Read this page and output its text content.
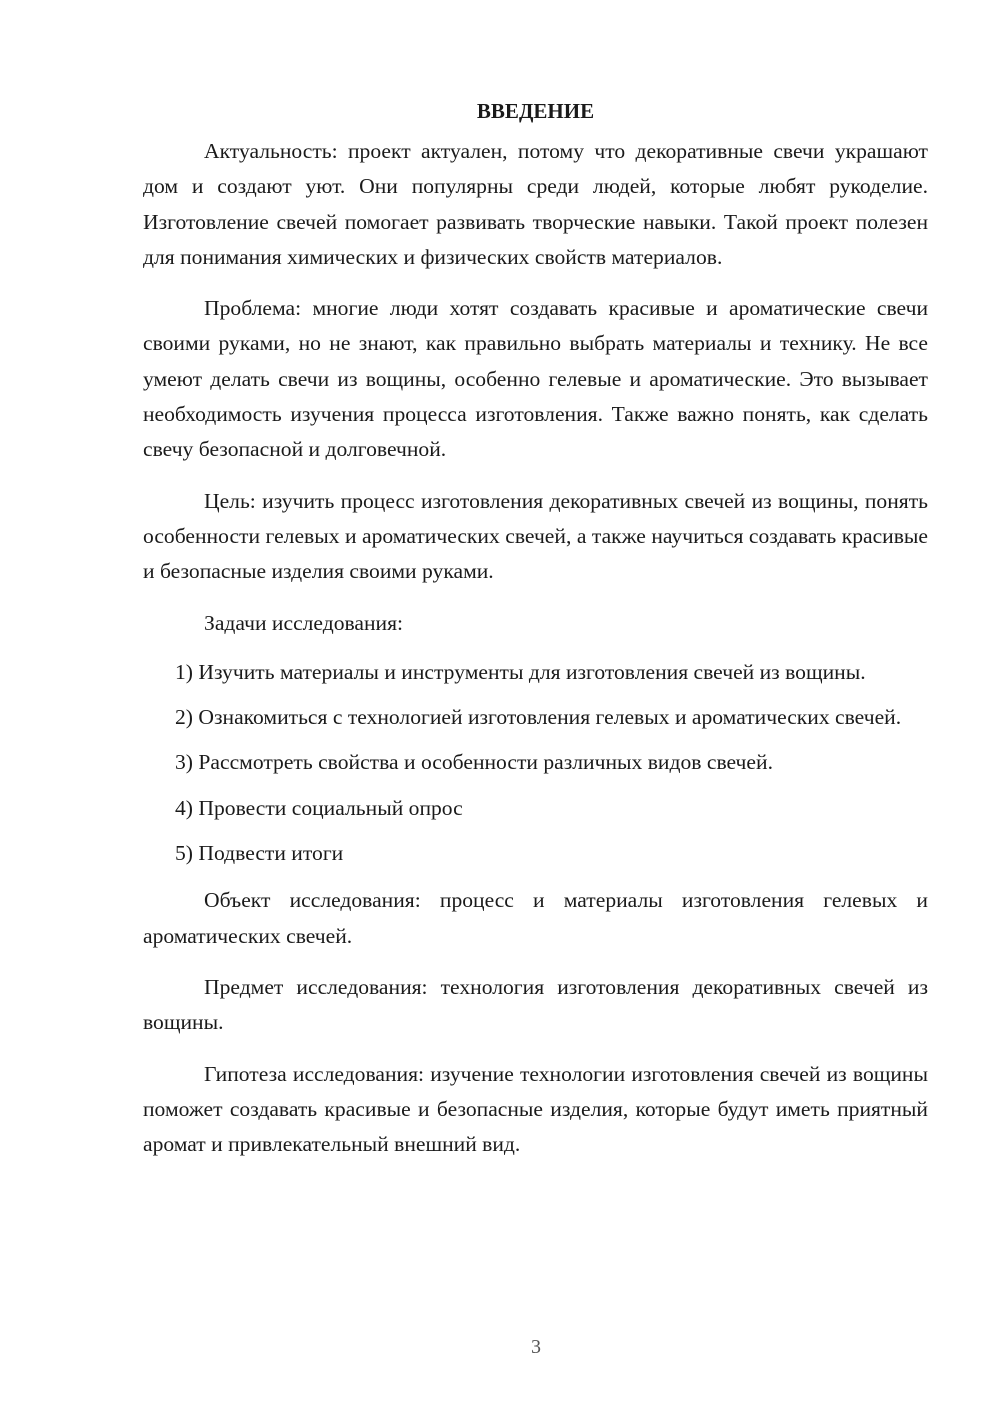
ВВЕДЕНИЕ

Актуальность: проект актуален, потому что декоративные свечи украшают дом и создают уют. Они популярны среди людей, которые любят рукоделие. Изготовление свечей помогает развивать творческие навыки. Такой проект полезен для понимания химических и физических свойств материалов.

Проблема: многие люди хотят создавать красивые и ароматические свечи своими руками, но не знают, как правильно выбрать материалы и технику. Не все умеют делать свечи из вощины, особенно гелевые и ароматические. Это вызывает необходимость изучения процесса изготовления. Также важно понять, как сделать свечу безопасной и долговечной.

Цель: изучить процесс изготовления декоративных свечей из вощины, понять особенности гелевых и ароматических свечей, а также научиться создавать красивые и безопасные изделия своими руками.

Задачи исследования:

1) Изучить материалы и инструменты для изготовления свечей из вощины.
2) Ознакомиться с технологией изготовления гелевых и ароматических свечей.
3) Рассмотреть свойства и особенности различных видов свечей.
4) Провести социальный опрос
5) Подвести итоги

Объект исследования: процесс и материалы изготовления гелевых и ароматических свечей.

Предмет исследования: технология изготовления декоративных свечей из вощины.

Гипотеза исследования: изучение технологии изготовления свечей из вощины поможет создавать красивые и безопасные изделия, которые будут иметь приятный аромат и привлекательный внешний вид.

3
